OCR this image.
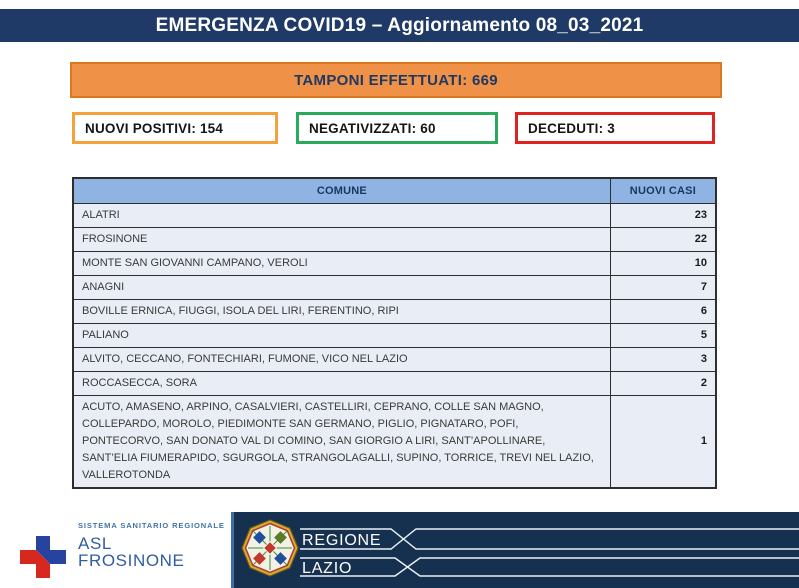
EMERGENZA COVID19 – Aggiornamento 08_03_2021
TAMPONI EFFETTUATI: 669
NUOVI POSITIVI: 154	NEGATIVIZZATI: 60	DECEDUTI: 3
COMUNE	NUOVI CASI
ALATRI	23
FROSINONE	22
MONTE SAN GIOVANNI CAMPANO, VEROLI	10
ANAGNI	7
BOVILLE ERNICA, FIUGGI, ISOLA DEL LIRI, FERENTINO, RIPI	6
PALIANO	5
ALVITO, CECCANO, FONTECHIARI, FUMONE, VICO NEL LAZIO	3
ROCCASECCA, SORA	2
ACUTO, AMASENO, ARPINO, CASALVIERI, CASTELLIRI, CEPRANO, COLLE SAN MAGNO, COLLEPARDO, MOROLO, PIEDIMONTE SAN GERMANO, PIGLIO, PIGNATARO, POFI, PONTECORVO, SAN DONATO VAL DI COMINO, SAN GIORGIO A LIRI, SANT’APOLLINARE, SANT’ELIA FIUMERAPIDO, SGURGOLA, STRANGOLAGALLI, SUPINO, TORRICE, TREVI NEL LAZIO, VALLEROTONDA	1
SISTEMA SANITARIO REGIONALE
ASL
FROSINONE
REGIONE
LAZIO
